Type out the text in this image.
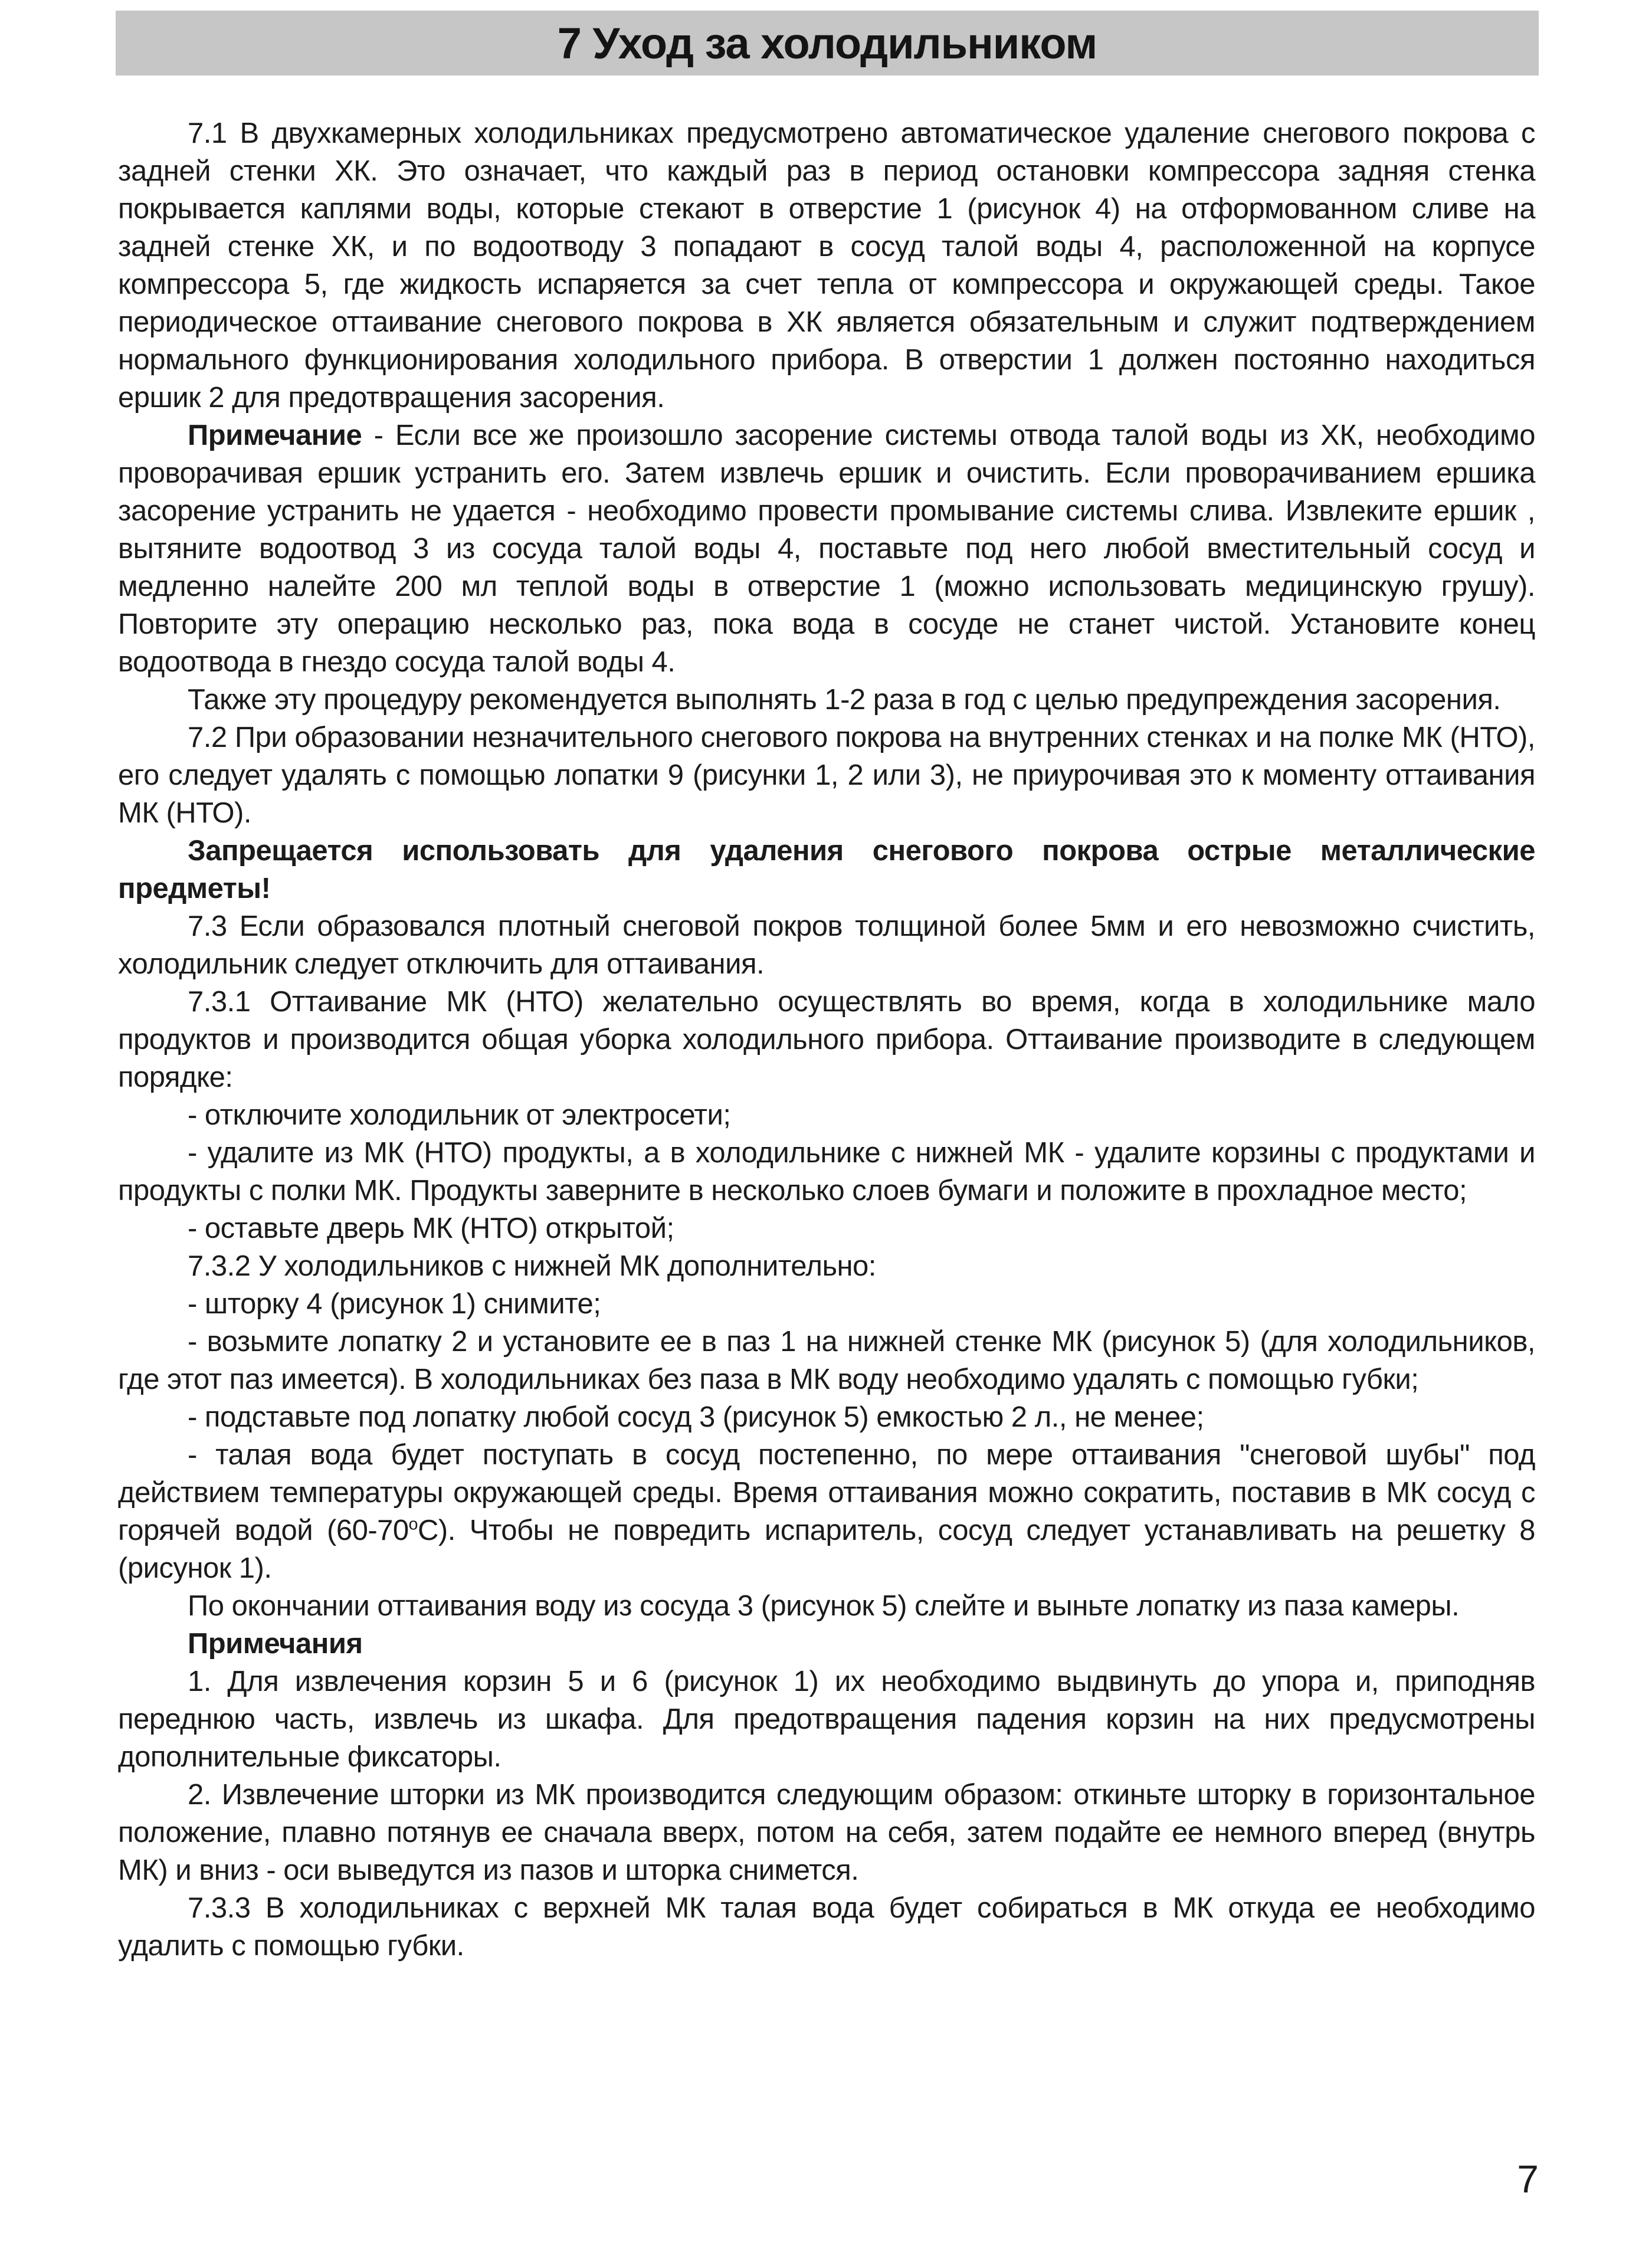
7 Уход за холодильником

7.1 В двухкамерных холодильниках предусмотрено автоматическое удаление снегового покрова с задней стенки ХК. Это означает, что каждый раз в период остановки компрессора задняя стенка покрывается каплями воды, которые стекают в отверстие 1 (рисунок 4) на отформованном сливе на задней стенке ХК, и по водоотводу 3 попадают в сосуд талой воды 4, расположенной на корпусе компрессора 5, где жидкость испаряется за счет тепла от компрессора и окружающей среды. Такое периодическое оттаивание снегового покрова в ХК является обязательным и служит подтверждением нормального функционирования холодильного прибора. В отверстии 1 должен постоянно находиться ершик 2 для предотвращения засорения.

Примечание - Если все же произошло засорение системы отвода талой воды из ХК, необходимо проворачивая ершик устранить его. Затем извлечь ершик и очистить. Если проворачиванием ершика засорение устранить не удается - необходимо провести промывание системы слива. Извлеките ершик , вытяните водоотвод 3 из сосуда талой воды 4, поставьте под него любой вместительный сосуд и медленно налейте 200 мл теплой воды в отверстие 1 (можно использовать медицинскую грушу). Повторите эту операцию несколько раз, пока вода в сосуде не станет чистой. Установите конец водоотвода в гнездо сосуда талой воды 4.

Также эту процедуру рекомендуется выполнять 1-2 раза в год с целью предупреждения засорения.

7.2 При образовании незначительного снегового покрова на внутренних стенках и на полке МК (НТО), его следует удалять с помощью лопатки 9 (рисунки 1, 2 или 3), не приурочивая это к моменту оттаивания МК (НТО).

Запрещается использовать для удаления снегового покрова острые металлические предметы!

7.3 Если образовался плотный снеговой покров толщиной более 5мм и его невозможно счистить, холодильник следует отключить для оттаивания.

7.3.1 Оттаивание МК (НТО) желательно осуществлять во время, когда в холодильнике мало продуктов и производится общая уборка холодильного прибора. Оттаивание производите в следующем порядке:

- отключите холодильник от электросети;

- удалите из МК (НТО) продукты, а в холодильнике с нижней МК - удалите корзины с продуктами и продукты с полки МК. Продукты заверните в несколько слоев бумаги и положите в прохладное место;

- оставьте дверь МК (НТО) открытой;

7.3.2 У холодильников с нижней МК дополнительно:

- шторку 4 (рисунок 1) снимите;

- возьмите лопатку 2 и установите ее в паз 1 на нижней стенке МК (рисунок 5) (для холодильников, где этот паз имеется). В холодильниках без паза в МК воду необходимо удалять с помощью губки;

- подставьте под лопатку любой сосуд 3 (рисунок 5) емкостью 2 л., не менее;

- талая вода будет поступать в сосуд постепенно, по мере оттаивания "снеговой шубы" под действием температуры окружающей среды. Время оттаивания можно сократить, поставив в МК сосуд с горячей водой $(60-70^оС)$. Чтобы не повредить испаритель, сосуд следует устанавливать на решетку 8 (рисунок 1).

По окончании оттаивания воду из сосуда 3 (рисунок 5) слейте и выньте лопатку из паза камеры.

Примечания

1. Для извлечения корзин 5 и 6 (рисунок 1) их необходимо выдвинуть до упора и, приподняв переднюю часть, извлечь из шкафа. Для предотвращения падения корзин на них предусмотрены дополнительные фиксаторы.

2. Извлечение шторки из МК производится следующим образом: откиньте шторку в горизонтальное положение, плавно потянув ее сначала вверх, потом на себя, затем подайте ее немного вперед (внутрь МК) и вниз - оси выведутся из пазов и шторка снимется.

7.3.3 В холодильниках с верхней МК талая вода будет собираться в МК откуда ее необходимо удалить с помощью губки.

7
